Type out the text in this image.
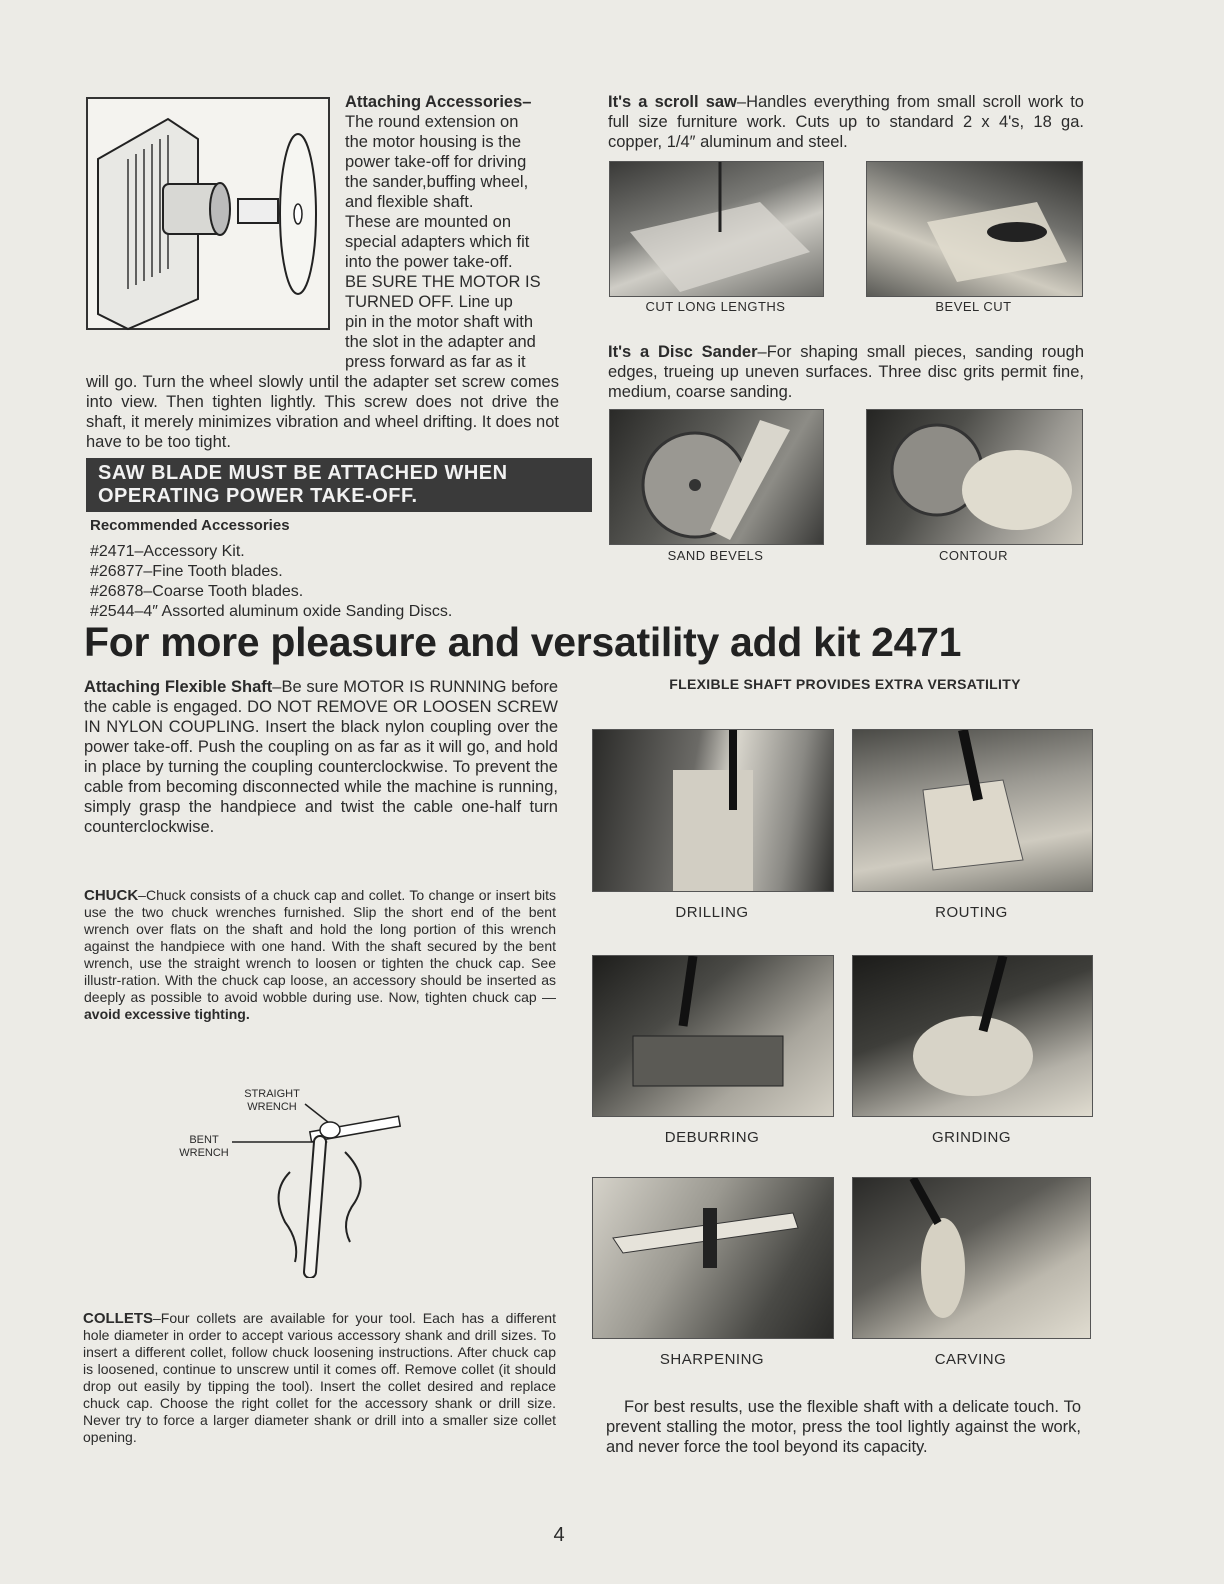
Attaching Accessories–
The round extension on
the motor housing is the
power take-off for driving
the sander,buffing wheel,
and flexible shaft.
These are mounted on
special adapters which fit
into the power take-off.
BE SURE THE MOTOR IS
TURNED OFF. Line up
pin in the motor shaft with
the slot in the adapter and
press forward as far as it
will go. Turn the wheel slowly until the adapter set screw comes into view. Then tighten lightly. This screw does not drive the shaft, it merely minimizes vibration and wheel drifting. It does not have to be too tight.
SAW BLADE MUST BE ATTACHED WHEN OPERATING POWER TAKE-OFF.
Recommended Accessories
#2471–Accessory Kit.
#26877–Fine Tooth blades.
#26878–Coarse Tooth blades.
#2544–4″ Assorted aluminum oxide Sanding Discs.
It's a scroll saw–Handles everything from small scroll work to full size furniture work. Cuts up to standard 2 x 4's, 18 ga. copper, 1/4″ aluminum and steel.
CUT LONG LENGTHS	BEVEL CUT
It's a Disc Sander–For shaping small pieces, sanding rough edges, trueing up uneven surfaces. Three disc grits permit fine, medium, coarse sanding.
SAND BEVELS	CONTOUR
For more pleasure and versatility add kit 2471
Attaching Flexible Shaft–Be sure MOTOR IS RUNNING before the cable is engaged. DO NOT REMOVE OR LOOSEN SCREW IN NYLON COUPLING. Insert the black nylon coupling over the power take-off. Push the coupling on as far as it will go, and hold in place by turning the coupling counterclockwise. To prevent the cable from becoming disconnected while the machine is running, simply grasp the handpiece and twist the cable one-half turn counterclockwise.
CHUCK–Chuck consists of a chuck cap and collet. To change or insert bits use the two chuck wrenches furnished. Slip the short end of the bent wrench over flats on the shaft and hold the long portion of this wrench against the handpiece with one hand. With the shaft secured by the bent wrench, use the straight wrench to loosen or tighten the chuck cap. See illustr-ration. With the chuck cap loose, an accessory should be inserted as deeply as possible to avoid wobble during use. Now, tighten chuck cap — avoid excessive tighting.
STRAIGHT
WRENCH
BENT
WRENCH
COLLETS–Four collets are available for your tool. Each has a different hole diameter in order to accept various accessory shank and drill sizes. To insert a different collet, follow chuck loosening instructions. After chuck cap is loosened, continue to unscrew until it comes off. Remove collet (it should drop out easily by tipping the tool). Insert the collet desired and replace chuck cap. Choose the right collet for the accessory shank or drill size. Never try to force a larger diameter shank or drill into a smaller size collet opening.
FLEXIBLE SHAFT PROVIDES EXTRA VERSATILITY
DRILLING	ROUTING
DEBURRING	GRINDING
SHARPENING	CARVING
For best results, use the flexible shaft with a delicate touch. To prevent stalling the motor, press the tool lightly against the work, and never force the tool beyond its capacity.
4
